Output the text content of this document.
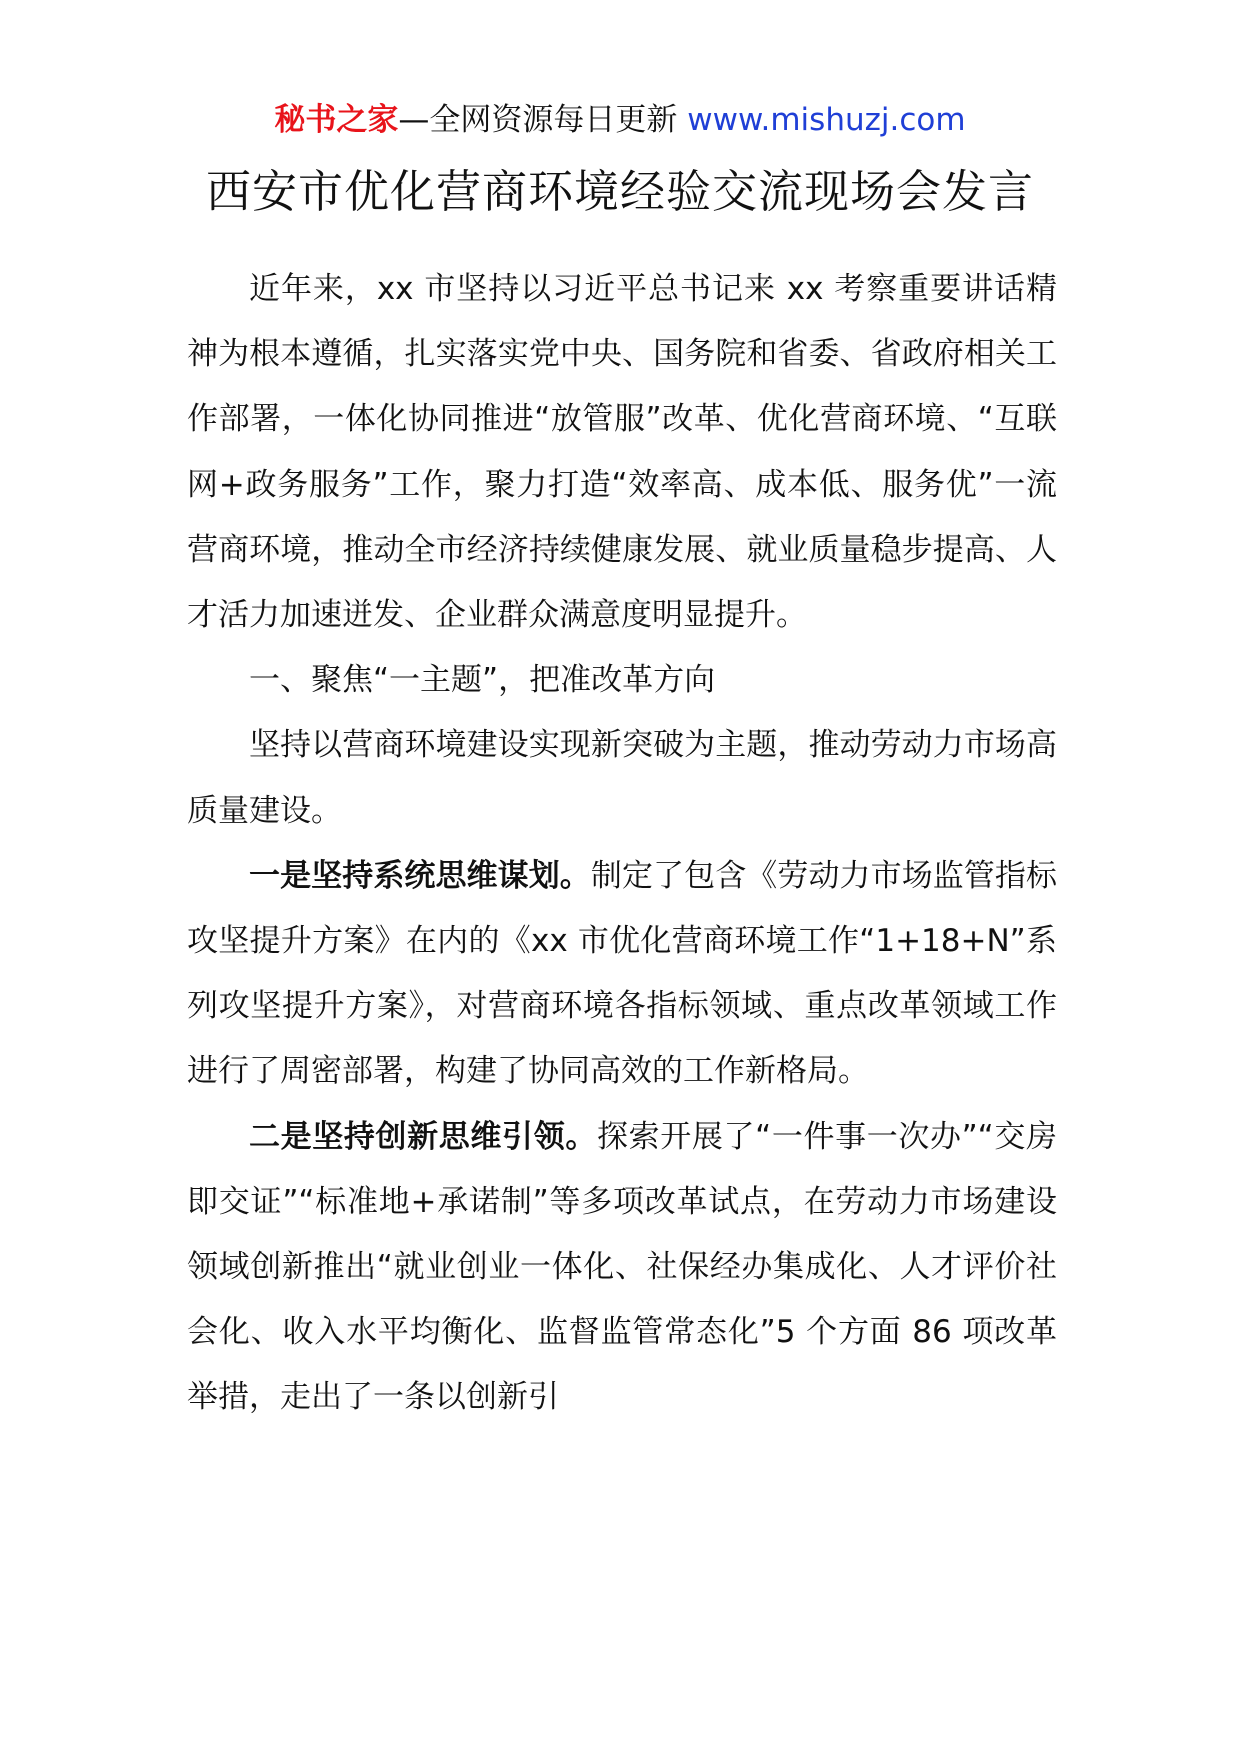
秘书之家—全网资源每日更新 www.mishuzj.com
西安市优化营商环境经验交流现场会发言

近年来，xx 市坚持以习近平总书记来 xx 考察重要讲话精神为根本遵循，扎实落实党中央、国务院和省委、省政府相关工作部署，一体化协同推进“放管服”改革、优化营商环境、“互联网+政务服务”工作，聚力打造“效率高、成本低、服务优”一流营商环境，推动全市经济持续健康发展、就业质量稳步提高、人才活力加速迸发、企业群众满意度明显提升。

一、聚焦“一主题”，把准改革方向

坚持以营商环境建设实现新突破为主题，推动劳动力市场高质量建设。

一是坚持系统思维谋划。制定了包含《劳动力市场监管指标攻坚提升方案》在内的《xx 市优化营商环境工作“1+18+N”系列攻坚提升方案》，对营商环境各指标领域、重点改革领域工作进行了周密部署，构建了协同高效的工作新格局。

二是坚持创新思维引领。探索开展了“一件事一次办”“交房即交证”“标准地+承诺制”等多项改革试点，在劳动力市场建设领域创新推出“就业创业一体化、社保经办集成化、人才评价社会化、收入水平均衡化、监督监管常态化”5 个方面 86 项改革举措，走出了一条以创新引
